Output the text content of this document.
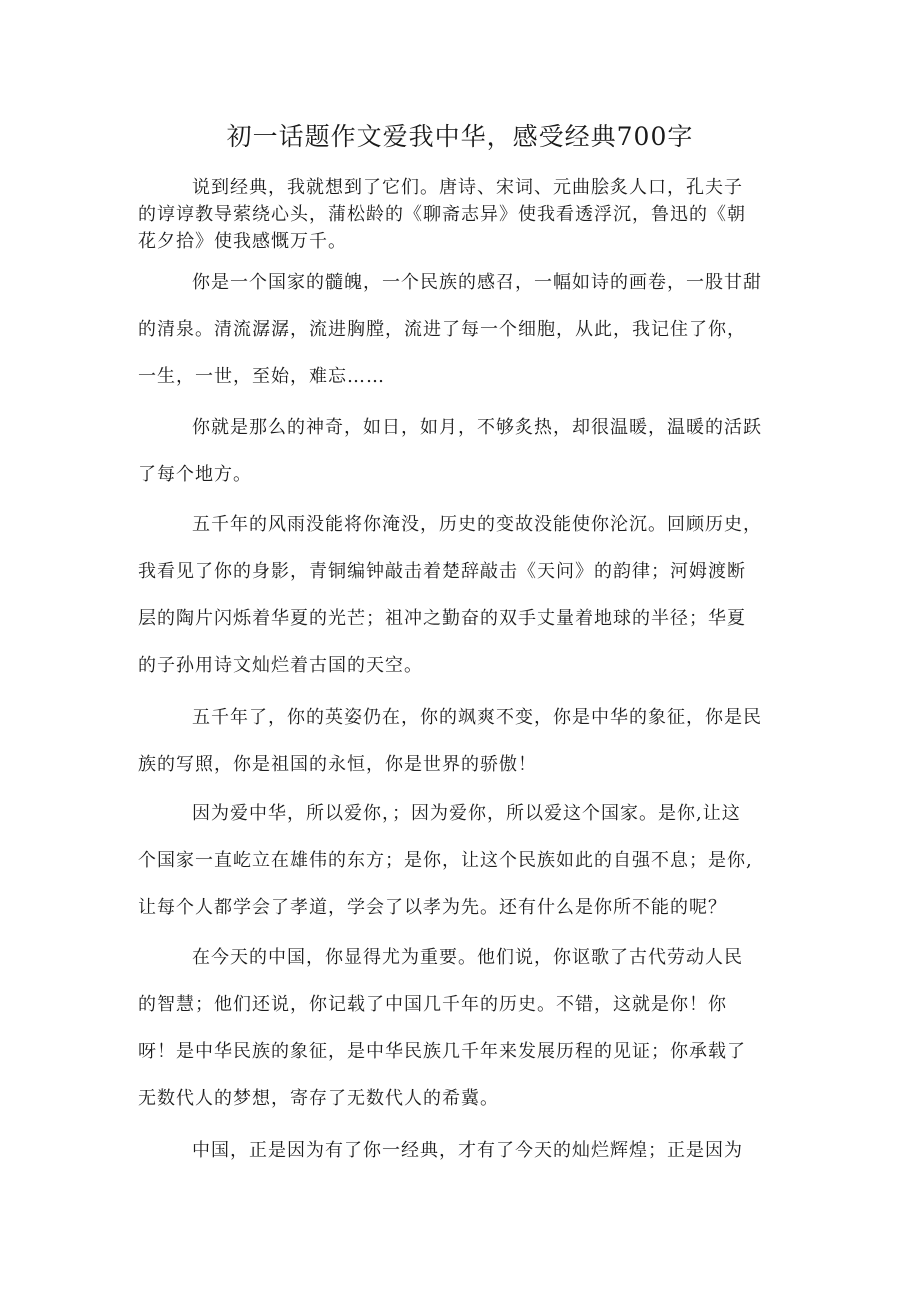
初一话题作文爱我中华，感受经典700字
说到经典，我就想到了它们。唐诗、宋词、元曲脍炙人口，孔夫子
的谆谆教导萦绕心头，蒲松龄的《聊斋志异》使我看透浮沉，鲁迅的《朝
花夕拾》使我感慨万千。
你是一个国家的髓魄，一个民族的感召，一幅如诗的画卷，一股甘甜
的清泉。清流潺潺，流进胸膛，流进了每一个细胞，从此，我记住了你，
一生，一世，至始，难忘……
你就是那么的神奇，如日，如月，不够炙热，却很温暖，温暖的活跃
了每个地方。
五千年的风雨没能将你淹没，历史的变故没能使你沦沉。回顾历史，
我看见了你的身影，青铜编钟敲击着楚辞敲击《天问》的韵律；河姆渡断
层的陶片闪烁着华夏的光芒；祖冲之勤奋的双手丈量着地球的半径；华夏
的子孙用诗文灿烂着古国的天空。
五千年了，你的英姿仍在，你的飒爽不变，你是中华的象征，你是民
族的写照，你是祖国的永恒，你是世界的骄傲！
因为爱中华，所以爱你，；因为爱你，所以爱这个国家。是你,让这
个国家一直屹立在雄伟的东方；是你，让这个民族如此的自强不息；是你,
让每个人都学会了孝道，学会了以孝为先。还有什么是你所不能的呢？
在今天的中国，你显得尤为重要。他们说，你讴歌了古代劳动人民
的智慧；他们还说，你记载了中国几千年的历史。不错，这就是你！你
呀！是中华民族的象征，是中华民族几千年来发展历程的见证；你承载了
无数代人的梦想，寄存了无数代人的希冀。
中国，正是因为有了你一经典，才有了今天的灿烂辉煌；正是因为
